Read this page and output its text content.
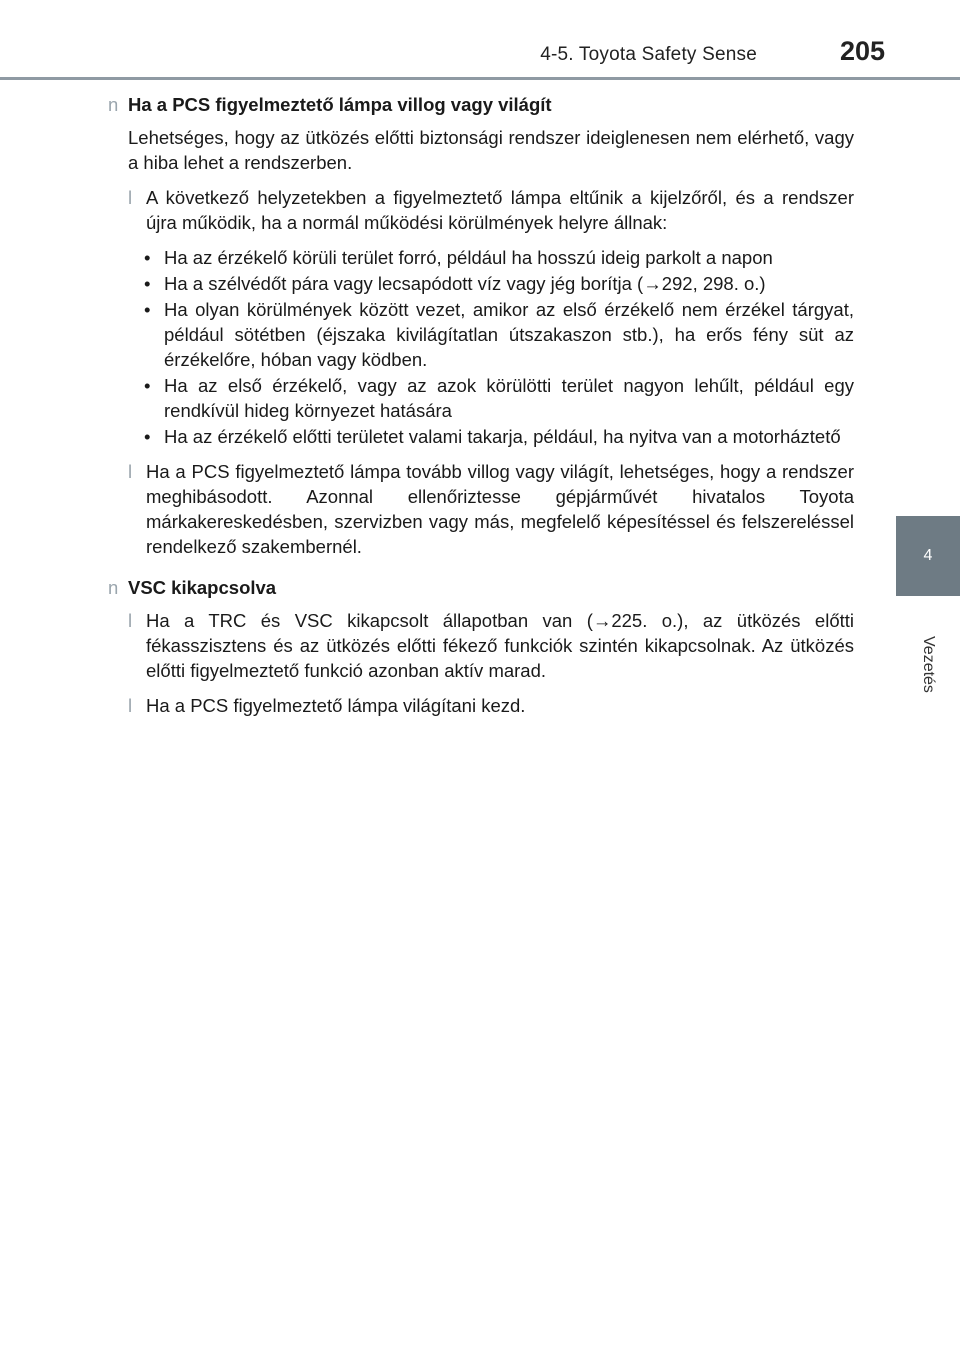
4-5. Toyota Safety Sense	205
4
Vezetés
n Ha a PCS figyelmeztető lámpa villog vagy világít
Lehetséges, hogy az ütközés előtti biztonsági rendszer ideiglenesen nem elérhető, vagy a hiba lehet a rendszerben.
l A következő helyzetekben a figyelmeztető lámpa eltűnik a kijelzőről, és a rendszer újra működik, ha a normál működési körülmények helyre állnak:
• Ha az érzékelő körüli terület forró, például ha hosszú ideig parkolt a napon
• Ha a szélvédőt pára vagy lecsapódott víz vagy jég borítja (→292, 298. o.)
• Ha olyan körülmények között vezet, amikor az első érzékelő nem érzékel tárgyat, például sötétben (éjszaka kivilágítatlan útszakaszon stb.), ha erős fény süt az érzékelőre, hóban vagy ködben.
• Ha az első érzékelő, vagy az azok körülötti terület nagyon lehűlt, például egy rendkívül hideg környezet hatására
• Ha az érzékelő előtti területet valami takarja, például, ha nyitva van a motorháztető
l Ha a PCS figyelmeztető lámpa tovább villog vagy világít, lehetséges, hogy a rendszer meghibásodott. Azonnal ellenőriztesse gépjárművét hivatalos Toyota márkakereskedésben, szervizben vagy más, megfelelő képesítéssel és felszereléssel rendelkező szakembernél.
n VSC kikapcsolva
l Ha a TRC és VSC kikapcsolt állapotban van (→225. o.), az ütközés előtti fékasszisztens és az ütközés előtti fékező funkciók szintén kikapcsolnak. Az ütközés előtti figyelmeztető funkció azonban aktív marad.
l Ha a PCS figyelmeztető lámpa világítani kezd.
